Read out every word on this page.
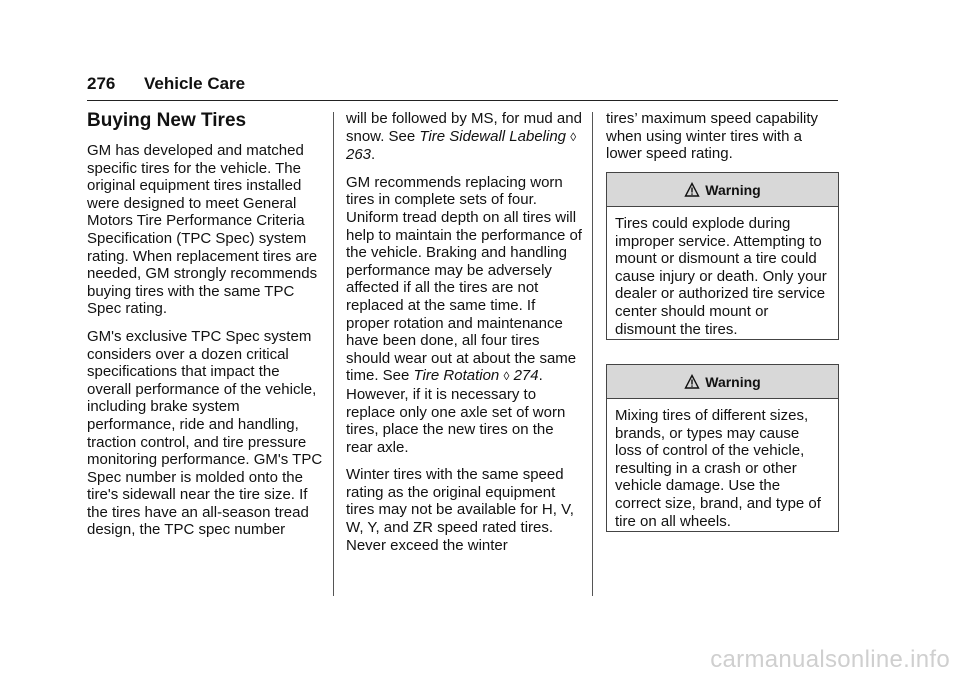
276 Vehicle Care
Buying New Tires

GM has developed and matched specific tires for the vehicle. The original equipment tires installed were designed to meet General Motors Tire Performance Criteria Specification (TPC Spec) system rating. When replacement tires are needed, GM strongly recommends buying tires with the same TPC Spec rating.

GM's exclusive TPC Spec system considers over a dozen critical specifications that impact the overall performance of the vehicle, including brake system performance, ride and handling, traction control, and tire pressure monitoring performance. GM's TPC Spec number is molded onto the tire's sidewall near the tire size. If the tires have an all-season tread design, the TPC spec number

will be followed by MS, for mud and snow. See Tire Sidewall Labeling ◊ 263.

GM recommends replacing worn tires in complete sets of four. Uniform tread depth on all tires will help to maintain the performance of the vehicle. Braking and handling performance may be adversely affected if all the tires are not replaced at the same time. If proper rotation and maintenance have been done, all four tires should wear out at about the same time. See Tire Rotation ◊ 274. However, if it is necessary to replace only one axle set of worn tires, place the new tires on the rear axle.

Winter tires with the same speed rating as the original equipment tires may not be available for H, V, W, Y, and ZR speed rated tires. Never exceed the winter

tires’ maximum speed capability when using winter tires with a lower speed rating.

Warning
Tires could explode during improper service. Attempting to mount or dismount a tire could cause injury or death. Only your dealer or authorized tire service center should mount or dismount the tires.
Warning
Mixing tires of different sizes, brands, or types may cause loss of control of the vehicle, resulting in a crash or other vehicle damage. Use the correct size, brand, and type of tire on all wheels.
carmanualsonline.info
